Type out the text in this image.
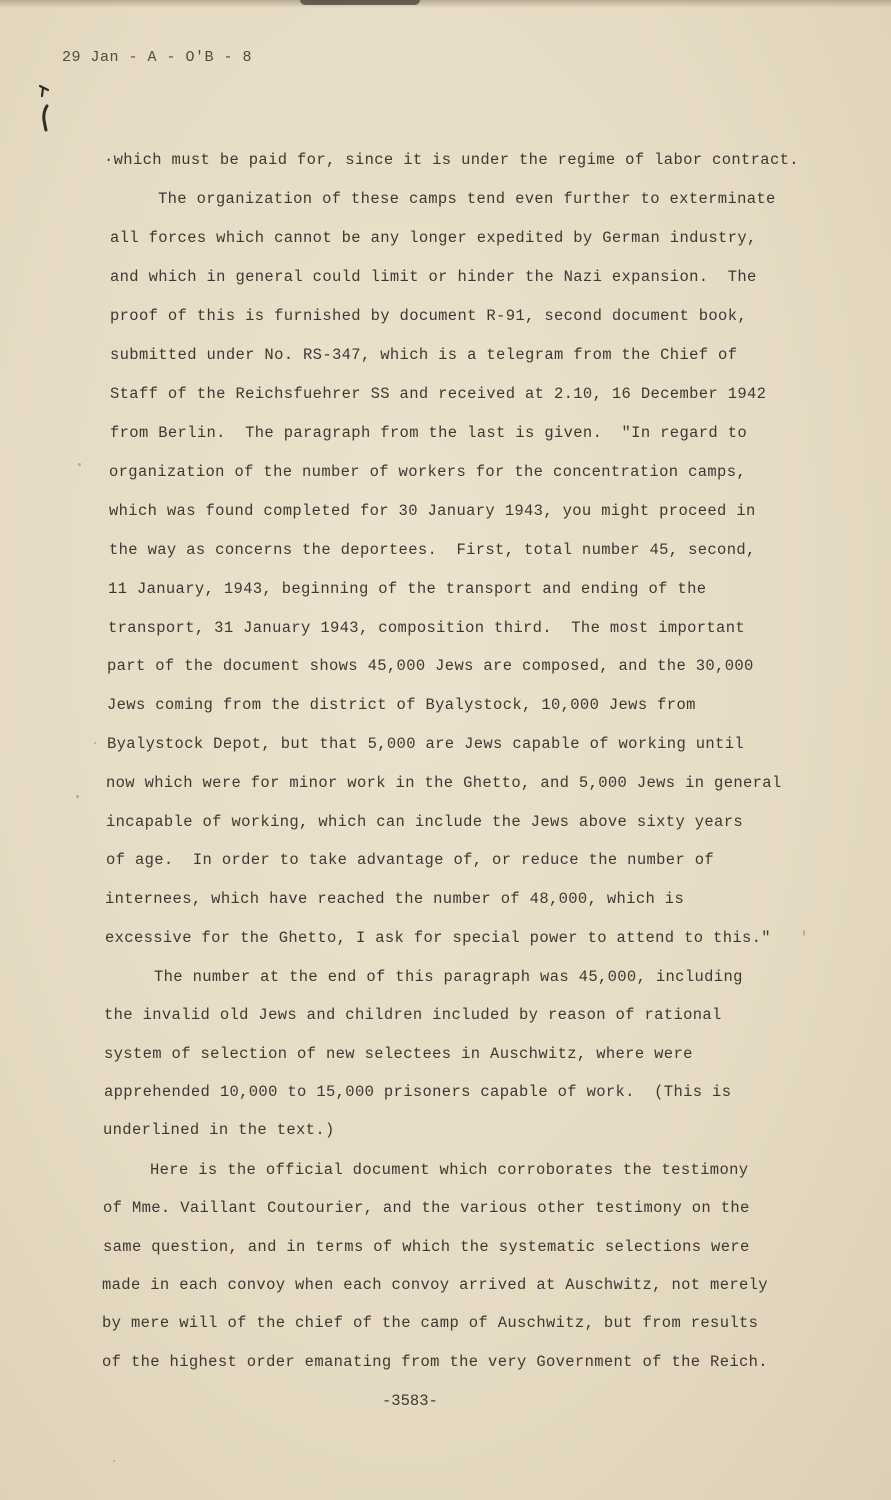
29 Jan - A - O'B - 8
·which must be paid for, since it is under the regime of labor contract.
The organization of these camps tend even further to exterminate
all forces which cannot be any longer expedited by German industry,
and which in general could limit or hinder the Nazi expansion.  The
proof of this is furnished by document R-91, second document book,
submitted under No. RS-347, which is a telegram from the Chief of
Staff of the Reichsfuehrer SS and received at 2.10, 16 December 1942
from Berlin.  The paragraph from the last is given.  "In regard to
organization of the number of workers for the concentration camps,
which was found completed for 30 January 1943, you might proceed in
the way as concerns the deportees.  First, total number 45, second,
11 January, 1943, beginning of the transport and ending of the
transport, 31 January 1943, composition third.  The most important
part of the document shows 45,000 Jews are composed, and the 30,000
Jews coming from the district of Byalystock, 10,000 Jews from
Byalystock Depot, but that 5,000 are Jews capable of working until
now which were for minor work in the Ghetto, and 5,000 Jews in general
incapable of working, which can include the Jews above sixty years
of age.  In order to take advantage of, or reduce the number of
internees, which have reached the number of 48,000, which is
excessive for the Ghetto, I ask for special power to attend to this."
The number at the end of this paragraph was 45,000, including
the invalid old Jews and children included by reason of rational
system of selection of new selectees in Auschwitz, where were
apprehended 10,000 to 15,000 prisoners capable of work.  (This is
underlined in the text.)
Here is the official document which corroborates the testimony
of Mme. Vaillant Coutourier, and the various other testimony on the
same question, and in terms of which the systematic selections were
made in each convoy when each convoy arrived at Auschwitz, not merely
by mere will of the chief of the camp of Auschwitz, but from results
of the highest order emanating from the very Government of the Reich.
-3583-
